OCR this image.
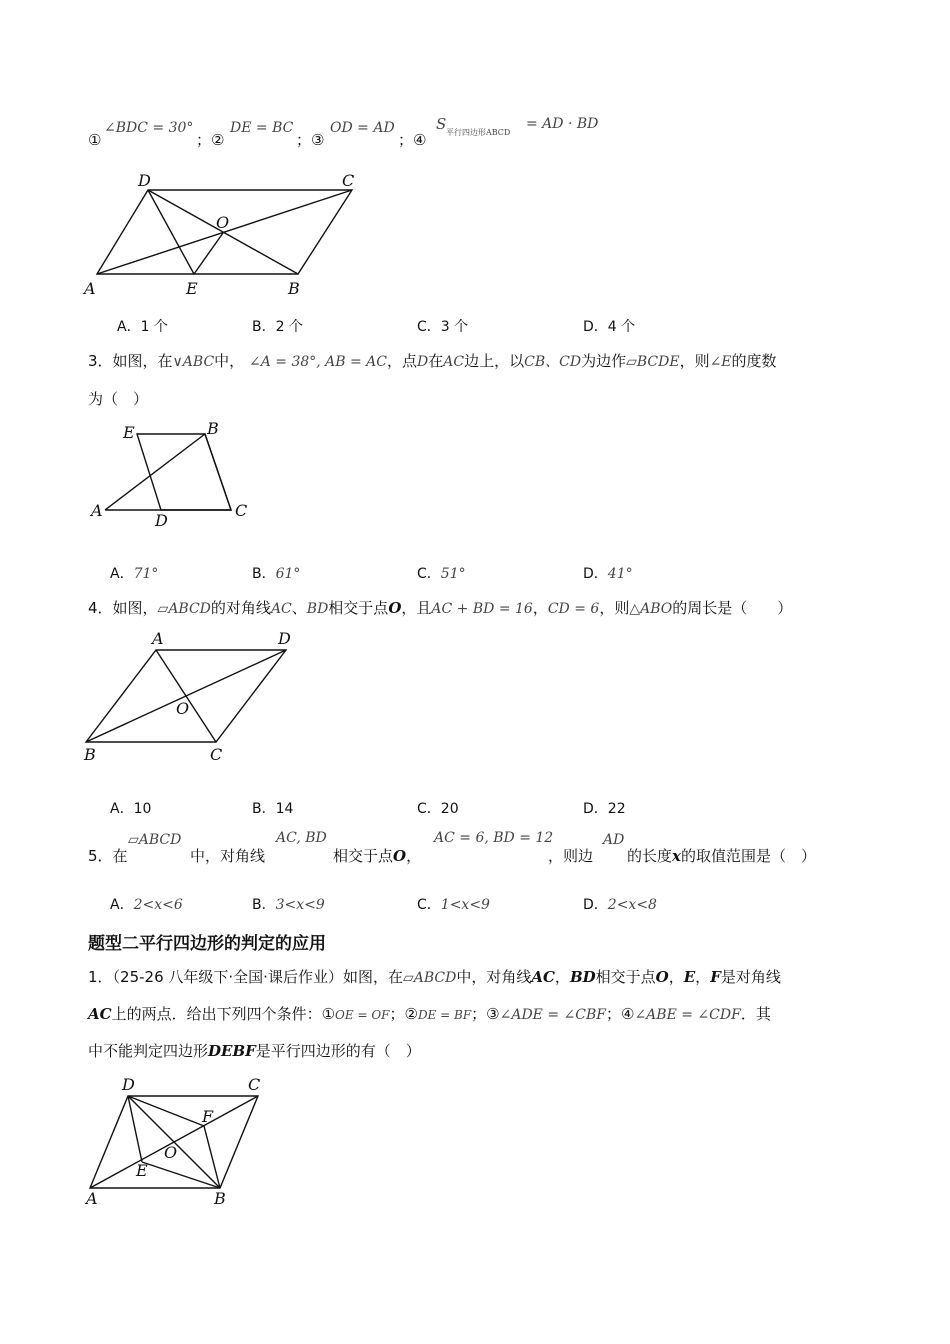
①
∠BDC = 30°
；②
DE = BC
；③
OD = AD
；④
S 平行四边形ABCD
= AD · BD
D	C
O
A	E	B
A．1 个	B．2 个	C．3 个	D．4 个
3．如图，在∨ABC中， ∠A = 38°, AB = AC，点D在AC边上，以CB、CD为边作▱BCDE，则∠E的度数
为（　）
E	B
A
D
C
A．71°	B．61°	C．51°	D．41°
4．如图，▱ABCD的对角线AC、BD相交于点O，且AC + BD = 16，CD = 6，则△ABO的周长是（　　）
A	D
O
B	C
A．10	B．14	C．20	D．22
5．在
▱ABCD
中，对角线
AC, BD
相交于点O，
AC = 6, BD = 12
，则边
AD
的长度x的取值范围是（　）
A．2<x<6	B．3<x<9	C．1<x<9	D．2<x<8
题型二平行四边形的判定的应用
1．（25-26 八年级下·全国·课后作业）如图，在▱ABCD中，对角线AC，BD相交于点O，E，F是对角线
AC上的两点．给出下列四个条件：①OE = OF；②DE = BF；③∠ADE = ∠CBF；④∠ABE = ∠CDF．其
中不能判定四边形DEBF是平行四边形的有（　）
D	C
F
O
E
A	B
